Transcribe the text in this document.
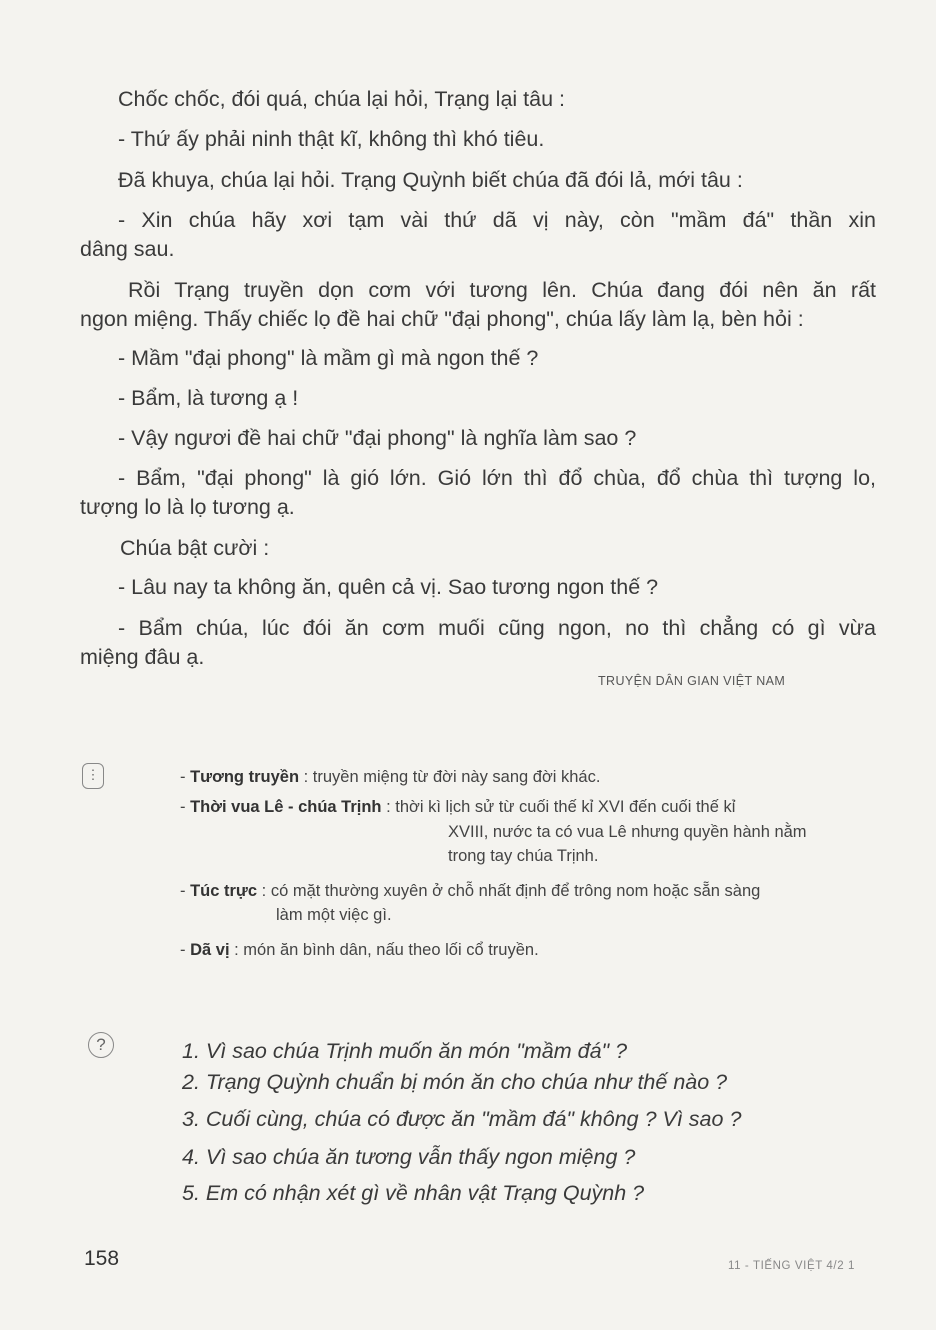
Chốc chốc, đói quá, chúa lại hỏi, Trạng lại tâu :

- Thứ ấy phải ninh thật kĩ, không thì khó tiêu.

Đã khuya, chúa lại hỏi. Trạng Quỳnh biết chúa đã đói lả, mới tâu :

- Xin chúa hãy xơi tạm vài thứ dã vị này, còn "mầm đá" thần xin

dâng sau.

Rồi Trạng truyền dọn cơm với tương lên. Chúa đang đói nên ăn rất

ngon miệng. Thấy chiếc lọ đề hai chữ "đại phong", chúa lấy làm lạ, bèn hỏi :

- Mầm "đại phong" là mầm gì mà ngon thế ?

- Bẩm, là tương ạ !

- Vậy ngươi đề hai chữ "đại phong" là nghĩa làm sao ?

- Bẩm, "đại phong" là gió lớn. Gió lớn thì đổ chùa, đổ chùa thì tượng lo,

tượng lo là lọ tương ạ.

Chúa bật cười :

- Lâu nay ta không ăn, quên cả vị. Sao tương ngon thế ?

- Bẩm chúa, lúc đói ăn cơm muối cũng ngon, no thì chẳng có gì vừa

miệng đâu ạ.

TRUYỆN DÂN GIAN VIỆT NAM
⋮	- Tương truyền : truyền miệng từ đời này sang đời khác.
- Thời vua Lê - chúa Trịnh : thời kì lịch sử từ cuối thế kỉ XVI đến cuối thế kỉ
XVIII, nước ta có vua Lê nhưng quyền hành nằm
trong tay chúa Trịnh.
- Túc trực : có mặt thường xuyên ở chỗ nhất định để trông nom hoặc sẵn sàng
làm một việc gì.
- Dã vị : món ăn bình dân, nấu theo lối cổ truyền.
?	1. Vì sao chúa Trịnh muốn ăn món "mầm đá" ?

2. Trạng Quỳnh chuẩn bị món ăn cho chúa như thế nào ?

3. Cuối cùng, chúa có được ăn "mầm đá" không ? Vì sao ?

4. Vì sao chúa ăn tương vẫn thấy ngon miệng ?

5. Em có nhận xét gì về nhân vật Trạng Quỳnh ?

158	11 - TIẾNG VIỆT 4/2 1
